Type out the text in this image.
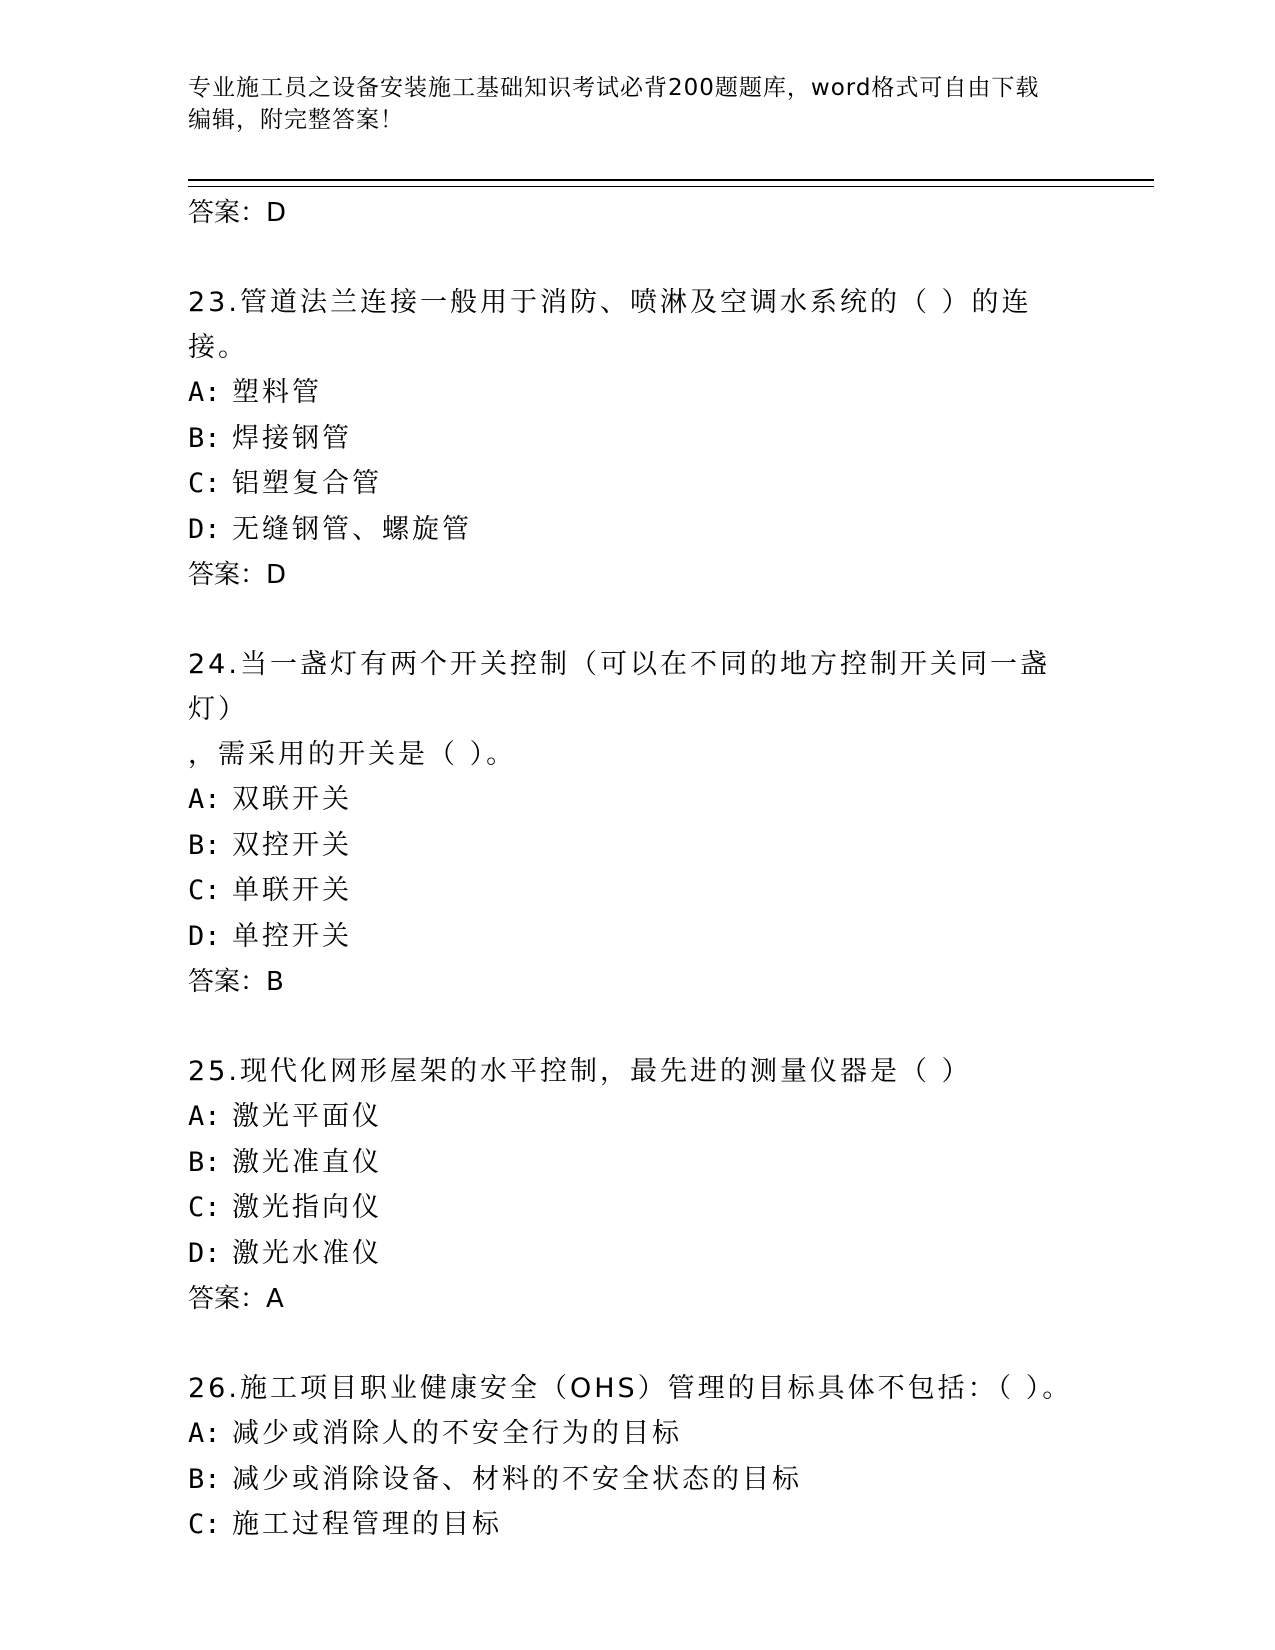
专业施工员之设备安装施工基础知识考试必背200题题库，word格式可自由下载
编辑，附完整答案！
答案：D
23.管道法兰连接一般用于消防、喷淋及空调水系统的（ ）的连接。
A: 塑料管
B: 焊接钢管
C: 铝塑复合管
D: 无缝钢管、螺旋管
答案：D
24.当一盏灯有两个开关控制（可以在不同的地方控制开关同一盏灯）
，需采用的开关是（ ）。
A: 双联开关
B: 双控开关
C: 单联开关
D: 单控开关
答案：B
25.现代化网形屋架的水平控制，最先进的测量仪器是（ ）
A: 激光平面仪
B: 激光准直仪
C: 激光指向仪
D: 激光水准仪
答案：A
26.施工项目职业健康安全（OHS）管理的目标具体不包括：（ ）。
A: 减少或消除人的不安全行为的目标
B: 减少或消除设备、材料的不安全状态的目标
C: 施工过程管理的目标
